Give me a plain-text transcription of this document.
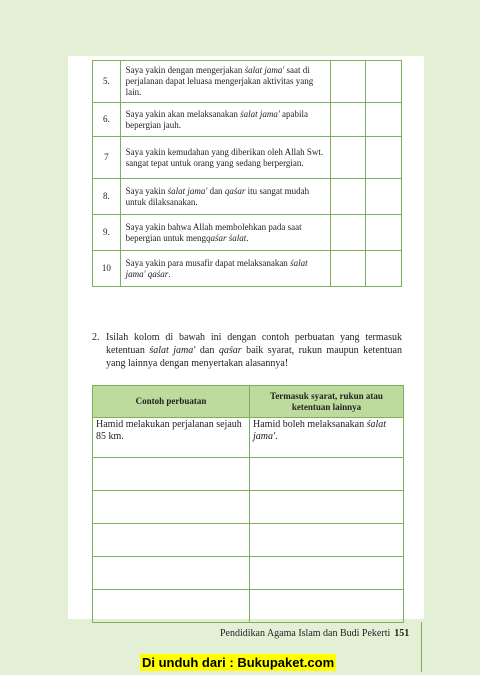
5.	Saya yakin dengan mengerjakan śalat jama' saat di perjalanan dapat leluasa mengerjakan aktivitas yang lain.		
6.	Saya yakin akan melaksanakan śalat jama' apabila bepergian jauh.		
7	Saya yakin kemudahan yang diberikan oleh Allah Swt. sangat tepat untuk orang yang sedang berpergian.		
8.	Saya yakin śalat jama' dan qaśar itu sangat mudah untuk dilaksanakan.		
9.	Saya yakin bahwa Allah membolehkan pada saat bepergian untuk mengqaśar śalat.		
10	Saya yakin para musafir dapat melaksanakan śalat jama' qaśar.		
2. Isilah kolom di bawah ini dengan contoh perbuatan yang termasuk ketentuan śalat jama' dan qaśar baik syarat, rukun maupun ketentuan yang lainnya dengan menyertakan alasannya!
Contoh perbuatan	Termasuk syarat, rukun atau ketentuan lainnya
Hamid melakukan perjalanan sejauh 85 km.	Hamid boleh melaksanakan śalat jama'.

Pendidikan Agama Islam dan Budi Pekerti 151
Di unduh dari : Bukupaket.com
